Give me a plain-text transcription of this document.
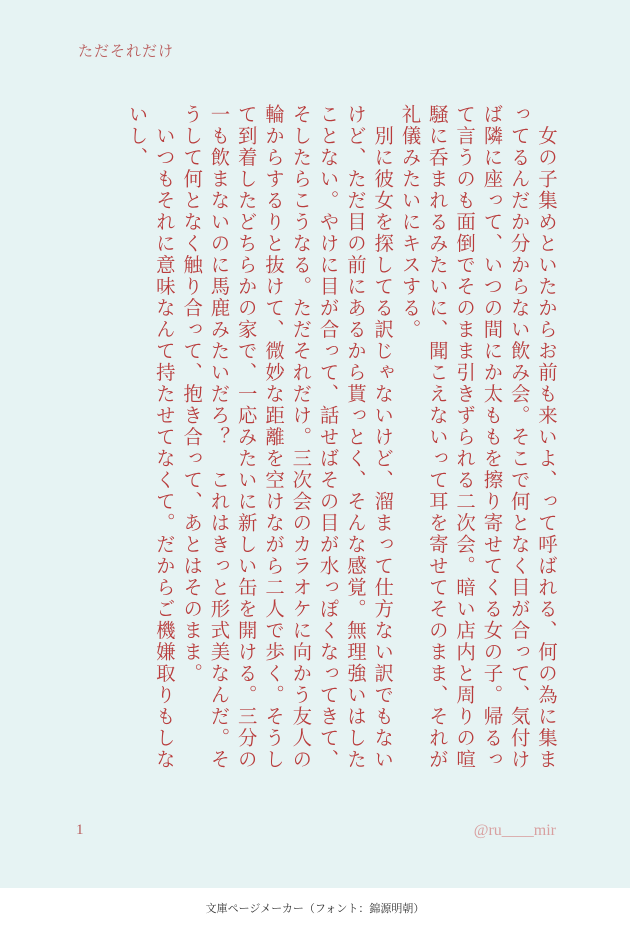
ただそれだけ

　女の子集めといたからお前も来いよ、って呼ばれる、何の為に集まってるんだか分からない飲み会。そこで何となく目が合って、気付けば隣に座って、いつの間にか太ももを擦り寄せてくる女の子。帰るって言うのも面倒でそのまま引きずられる二次会。暗い店内と周りの喧騒に呑まれるみたいに、聞こえないって耳を寄せてそのまま、それが礼儀みたいにキスする。

　別に彼女を探してる訳じゃないけど、溜まって仕方ない訳でもないけど、ただ目の前にあるから貰っとく、そんな感覚。無理強いはしたことない。やけに目が合って、話せばその目が水っぽくなってきて、そしたらこうなる。ただそれだけ。三次会のカラオケに向かう友人の輪からするりと抜けて、微妙な距離を空けながら二人で歩く。そうして到着したどちらかの家で、一応みたいに新しい缶を開ける。三分の一も飲まないのに馬鹿みたいだろ？　これはきっと形式美なんだ。そうして何となく触り合って、抱き合って、あとはそのまま。

　いつもそれに意味なんて持たせてなくて。だからご機嫌取りもしないし、

1	@ru____mir
文庫ページメーカー（フォント：錦源明朝）
